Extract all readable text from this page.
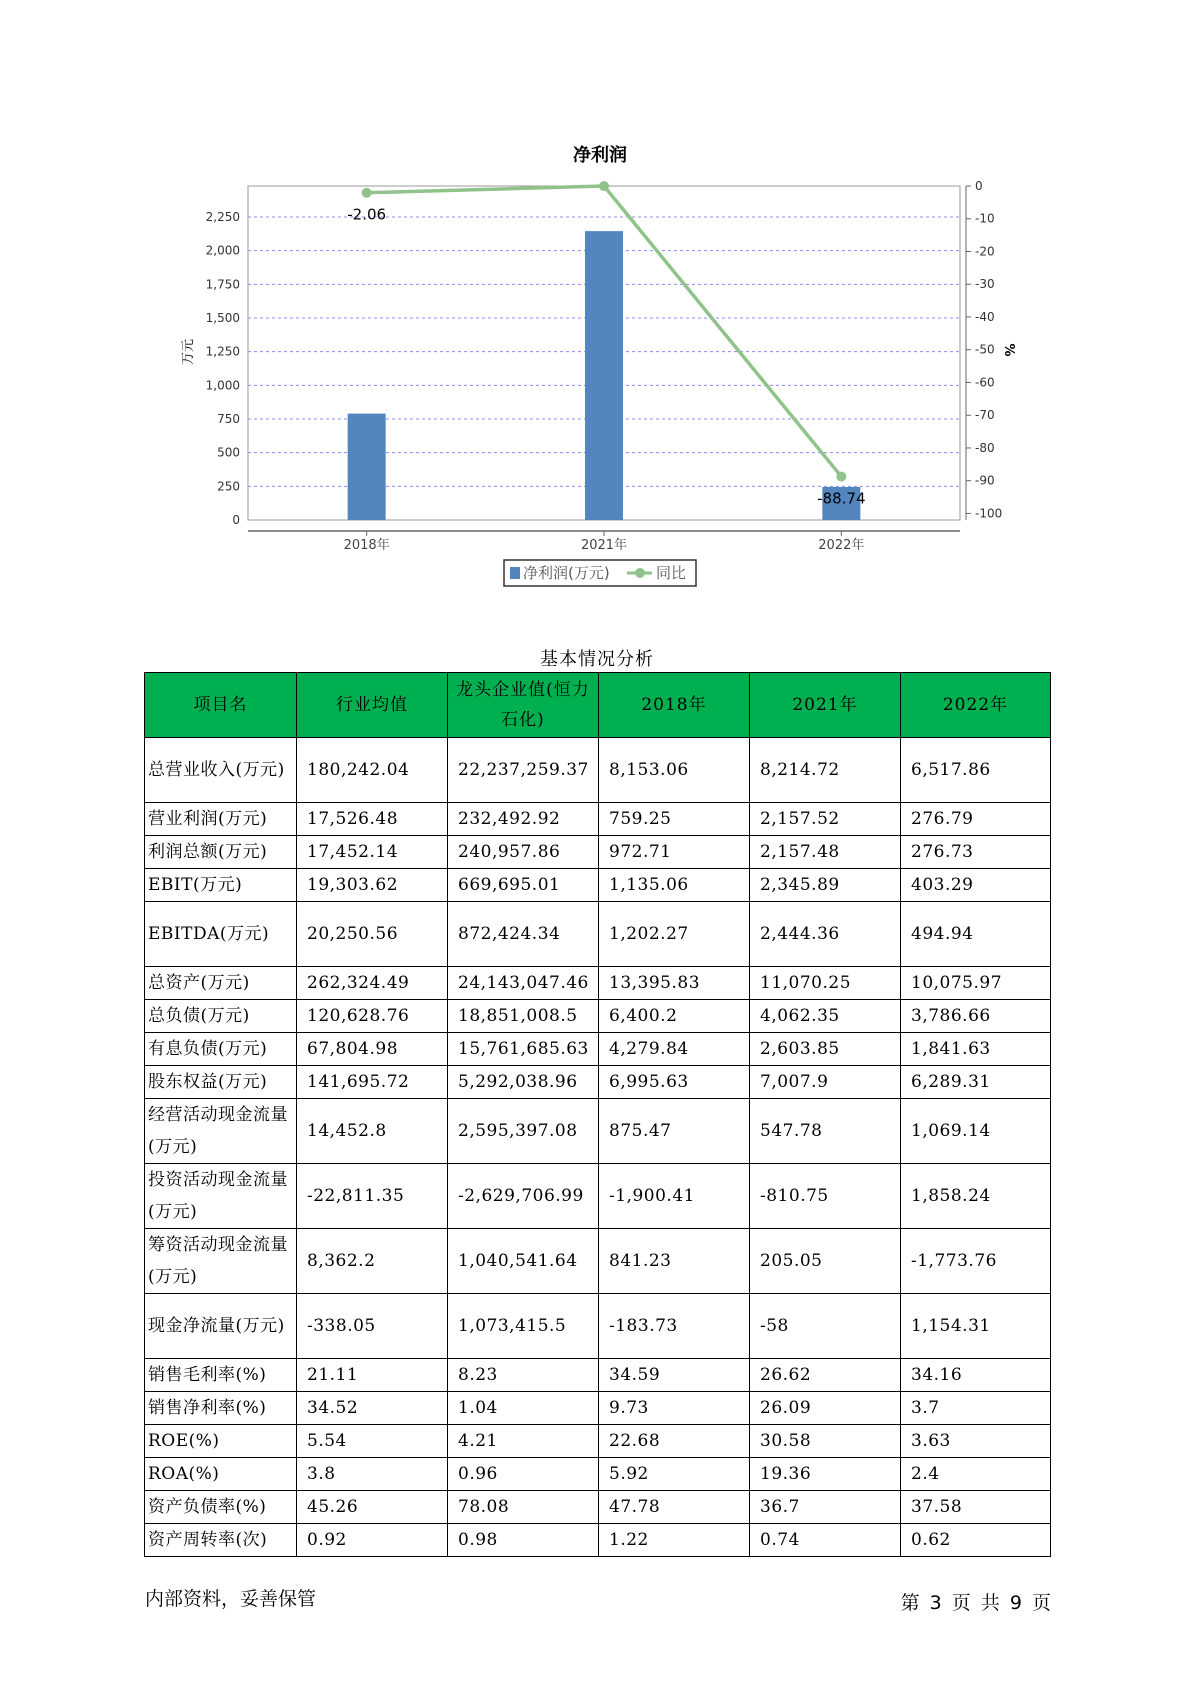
净利润
0
250
500
750
1,000
1,250
1,500
1,750
2,000
2,250
0
-10
-20
-30
-40
-50
-60
-70
-80
-90
-100
-2.06
-88.74
2018年	2021年	2022年
万元	%
净利润(万元)	同比
基本情况分析
项目名	行业均值	龙头企业值(恒力石化)	2018年	2021年	2022年
总营业收入(万元)	180,242.04	22,237,259.37	8,153.06	8,214.72	6,517.86
营业利润(万元)	17,526.48	232,492.92	759.25	2,157.52	276.79
利润总额(万元)	17,452.14	240,957.86	972.71	2,157.48	276.73
EBIT(万元)	19,303.62	669,695.01	1,135.06	2,345.89	403.29
EBITDA(万元)	20,250.56	872,424.34	1,202.27	2,444.36	494.94
总资产(万元)	262,324.49	24,143,047.46	13,395.83	11,070.25	10,075.97
总负债(万元)	120,628.76	18,851,008.5	6,400.2	4,062.35	3,786.66
有息负债(万元)	67,804.98	15,761,685.63	4,279.84	2,603.85	1,841.63
股东权益(万元)	141,695.72	5,292,038.96	6,995.63	7,007.9	6,289.31
经营活动现金流量(万元)	14,452.8	2,595,397.08	875.47	547.78	1,069.14
投资活动现金流量(万元)	-22,811.35	-2,629,706.99	-1,900.41	-810.75	1,858.24
筹资活动现金流量(万元)	8,362.2	1,040,541.64	841.23	205.05	-1,773.76
现金净流量(万元)	-338.05	1,073,415.5	-183.73	-58	1,154.31
销售毛利率(%)	21.11	8.23	34.59	26.62	34.16
销售净利率(%)	34.52	1.04	9.73	26.09	3.7
ROE(%)	5.54	4.21	22.68	30.58	3.63
ROA(%)	3.8	0.96	5.92	19.36	2.4
资产负债率(%)	45.26	78.08	47.78	36.7	37.58
资产周转率(次)	0.92	0.98	1.22	0.74	0.62
内部资料，妥善保管	第 3 页 共 9 页
